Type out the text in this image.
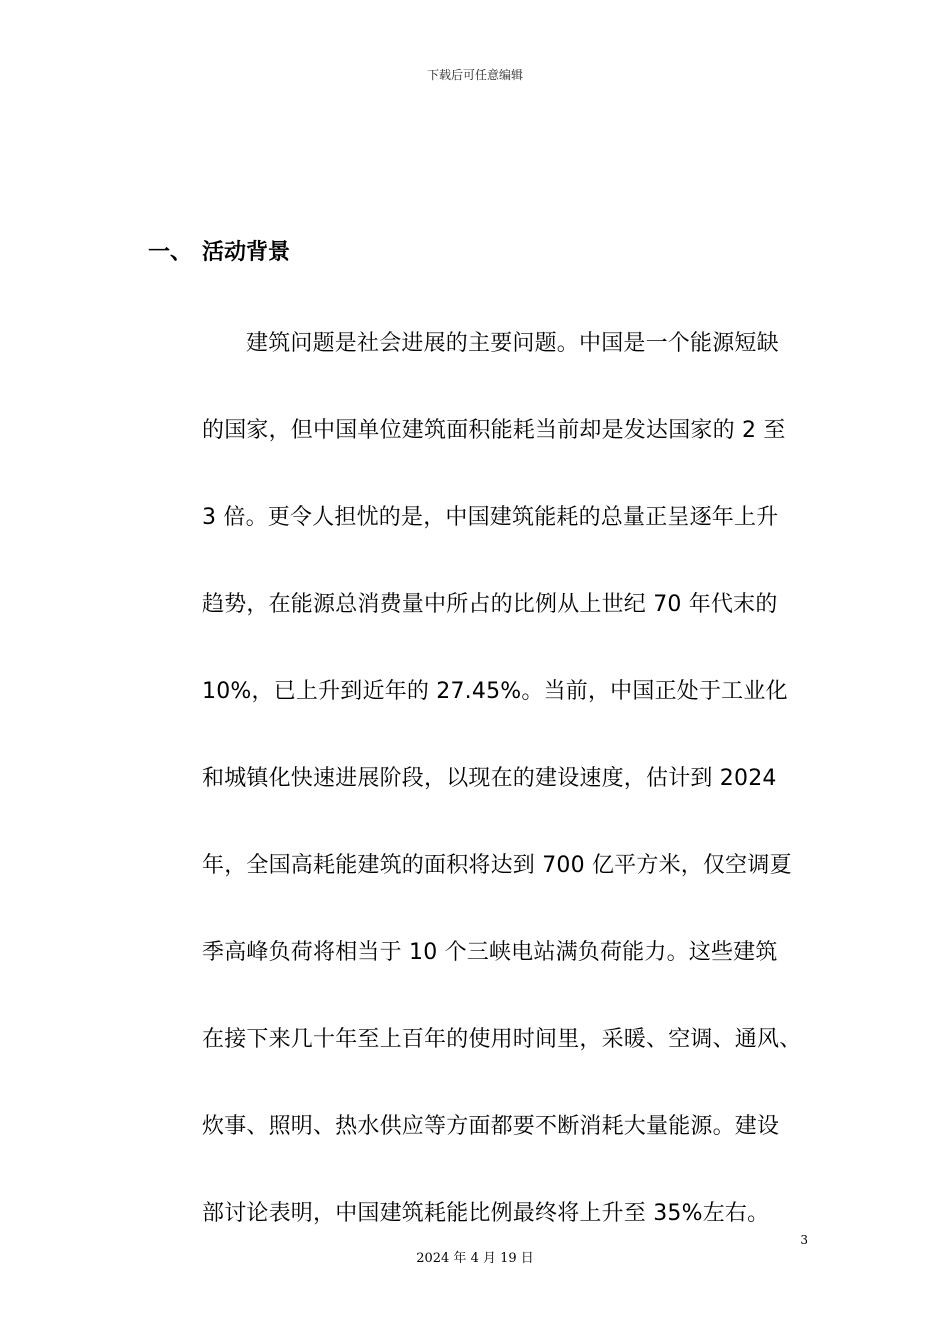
下载后可任意编辑
一、 活动背景

建筑问题是社会进展的主要问题。中国是一个能源短缺
的国家，但中国单位建筑面积能耗当前却是发达国家的 2 至
3 倍。更令人担忧的是，中国建筑能耗的总量正呈逐年上升
趋势，在能源总消费量中所占的比例从上世纪 70 年代末的
10%，已上升到近年的 27.45%。当前，中国正处于工业化
和城镇化快速进展阶段，以现在的建设速度，估计到 2024
年，全国高耗能建筑的面积将达到 700 亿平方米，仅空调夏
季高峰负荷将相当于 10 个三峡电站满负荷能力。这些建筑
在接下来几十年至上百年的使用时间里，采暖、空调、通风、
炊事、照明、热水供应等方面都要不断消耗大量能源。建设
部讨论表明，中国建筑耗能比例最终将上升至 35%左右。

3
2024 年 4 月 19 日
